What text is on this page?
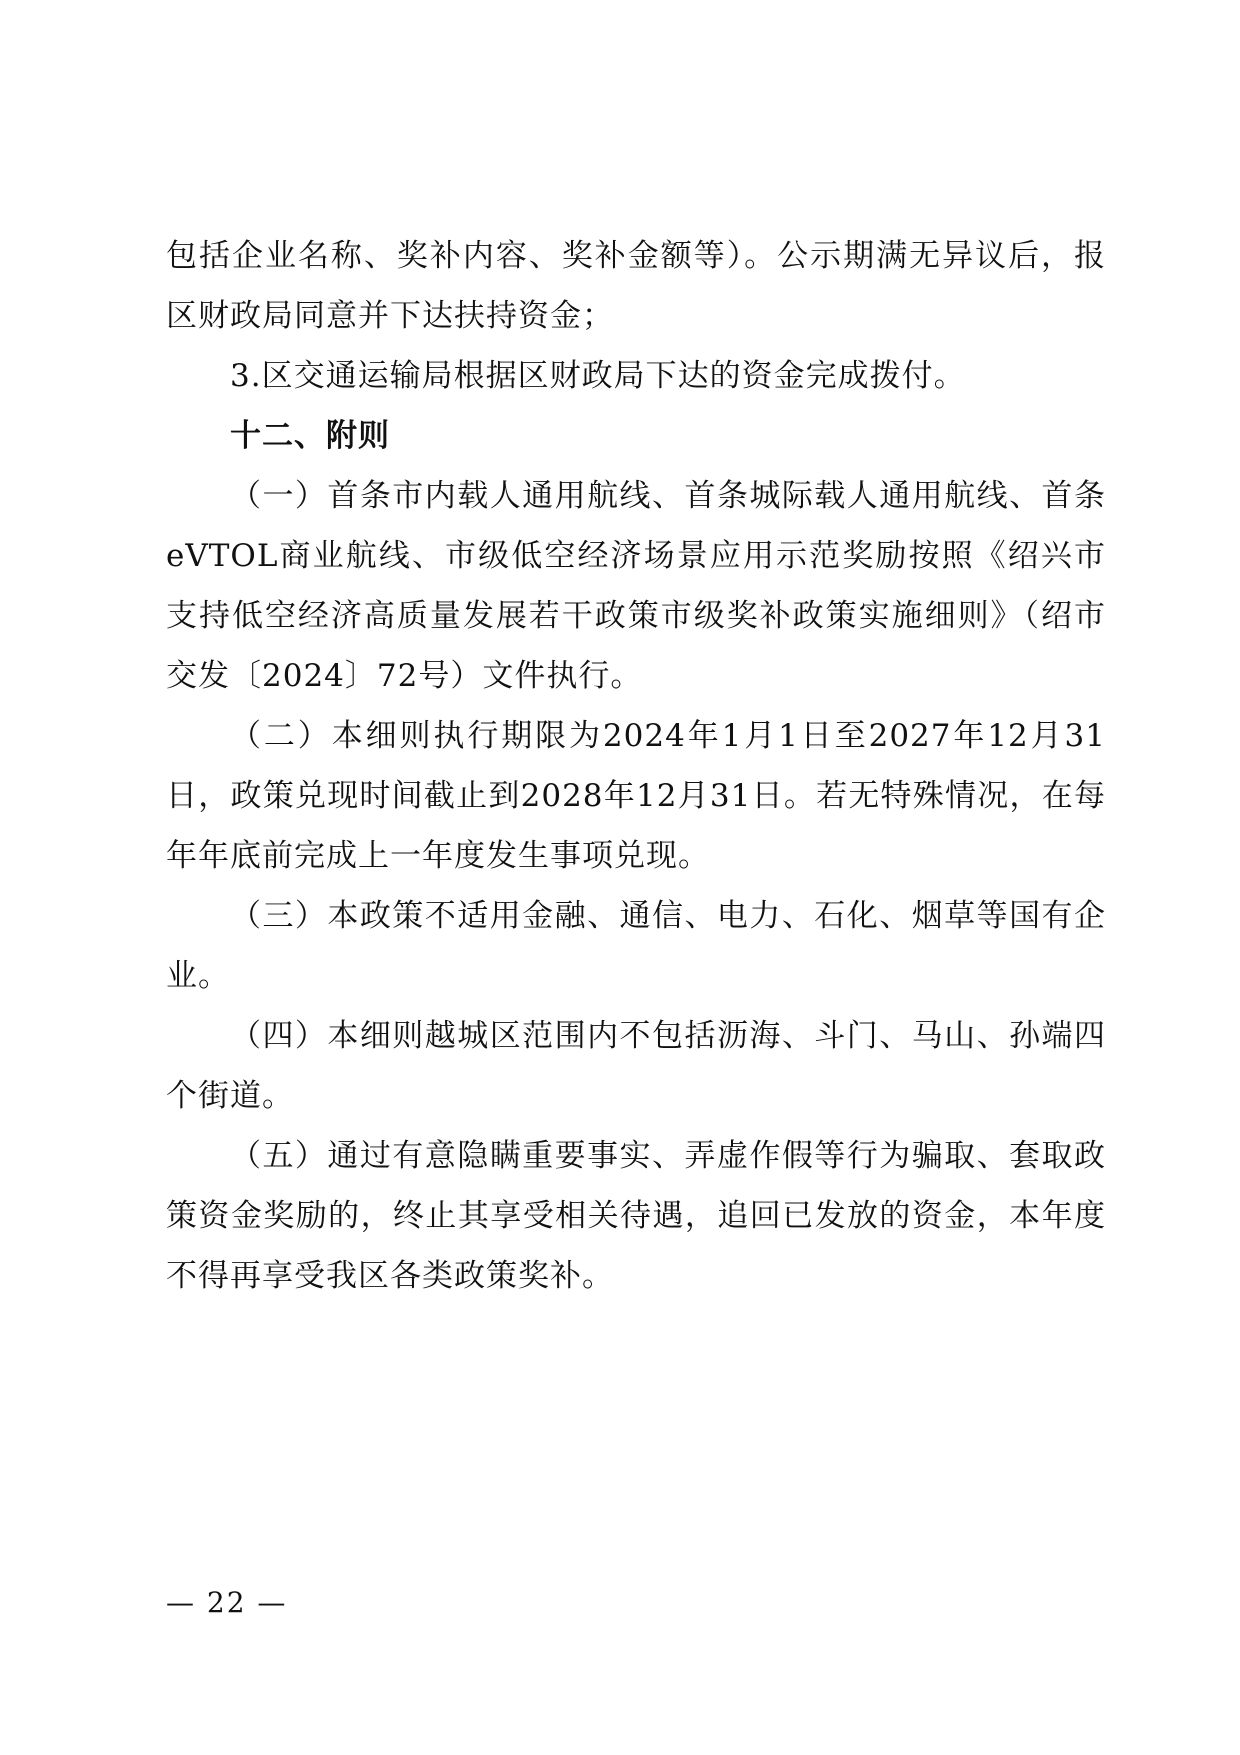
包括企业名称、奖补内容、奖补金额等）。公示期满无异议后，报区财政局同意并下达扶持资金；

3.区交通运输局根据区财政局下达的资金完成拨付。

十二、附则

（一）首条市内载人通用航线、首条城际载人通用航线、首条eVTOL商业航线、市级低空经济场景应用示范奖励按照《绍兴市支持低空经济高质量发展若干政策市级奖补政策实施细则》（绍市交发〔2024〕72号）文件执行。

（二）本细则执行期限为2024年1月1日至2027年12月31日，政策兑现时间截止到2028年12月31日。若无特殊情况，在每年年底前完成上一年度发生事项兑现。

（三）本政策不适用金融、通信、电力、石化、烟草等国有企业。

（四）本细则越城区范围内不包括沥海、斗门、马山、孙端四个街道。

（五）通过有意隐瞒重要事实、弄虚作假等行为骗取、套取政策资金奖励的，终止其享受相关待遇，追回已发放的资金，本年度不得再享受我区各类政策奖补。

— 22 —
